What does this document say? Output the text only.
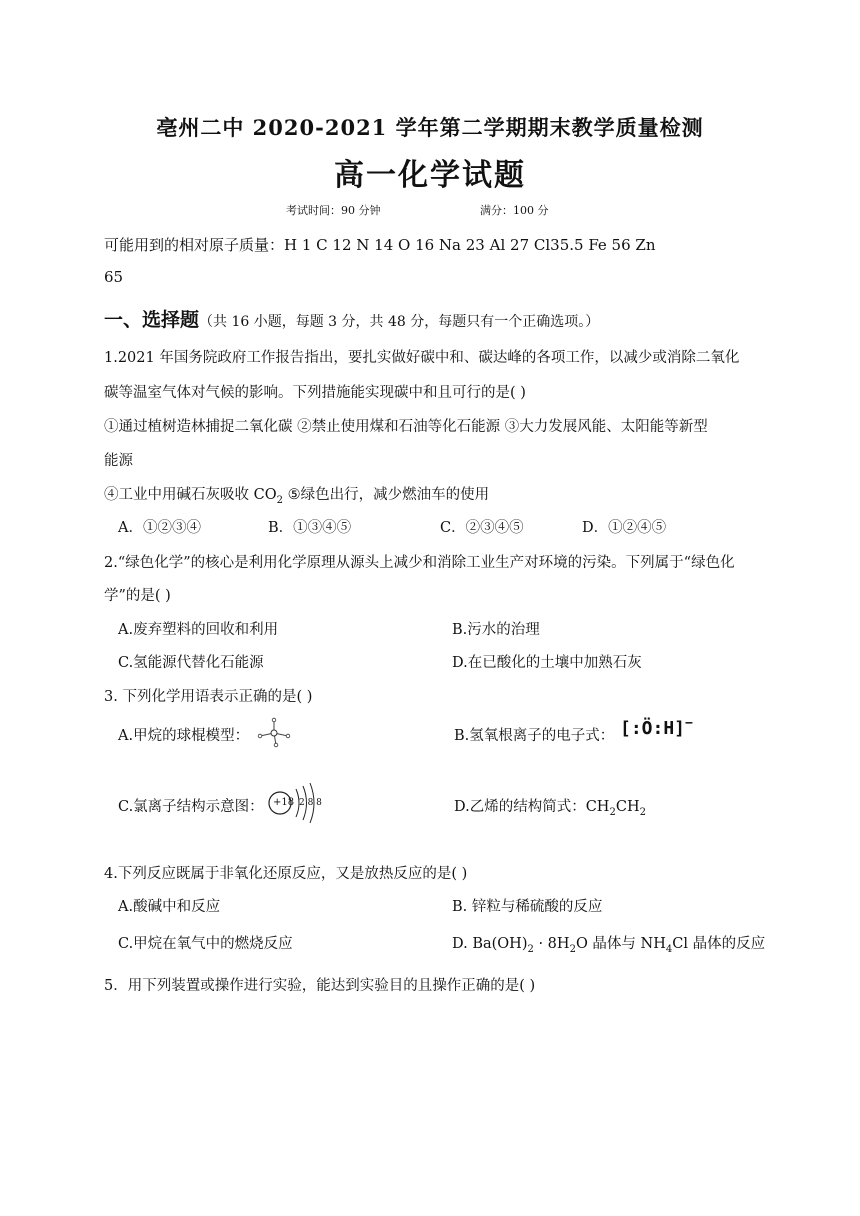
亳州二中 2020-2021 学年第二学期期末教学质量检测
高一化学试题
考试时间：90 分钟	满分：100 分
可能用到的相对原子质量：H 1 C 12 N 14 O 16 Na 23 Al 27 Cl35.5 Fe 56 Zn
65
一、选择题（共 16 小题，每题 3 分，共 48 分，每题只有一个正确选项。）
1.2021 年国务院政府工作报告指出，要扎实做好碳中和、碳达峰的各项工作，以减少或消除二氧化
碳等温室气体对气候的影响。下列措施能实现碳中和且可行的是( )
①通过植树造林捕捉二氧化碳 ②禁止使用煤和石油等化石能源 ③大力发展风能、太阳能等新型
能源
④工业中用碱石灰吸收 $CO_2$ ⑤绿色出行，减少燃油车的使用
A．①②③④	B．①③④⑤	C．②③④⑤	D．①②④⑤
2.“绿色化学”的核心是利用化学原理从源头上减少和消除工业生产对环境的污染。下列属于“绿色化
学”的是( )
A.废弃塑料的回收和利用	B.污水的治理
C.氢能源代替化石能源	D.在已酸化的土壤中加熟石灰
3. 下列化学用语表示正确的是( )
A.甲烷的球棍模型：	B.氢氧根离子的电子式： [:Ö:H]−
C.氯离子结构示意图： +18 2 8 8	D.乙烯的结构简式：$CH_2CH_2$
4.下列反应既属于非氧化还原反应，又是放热反应的是( )
A.酸碱中和反应	B. 锌粒与稀硫酸的反应
C.甲烷在氧气中的燃烧反应	D. $Ba(OH)_2 \cdot 8H_2O$ 晶体与 $NH_4Cl$ 晶体的反应
5．用下列装置或操作进行实验，能达到实验目的且操作正确的是( )
